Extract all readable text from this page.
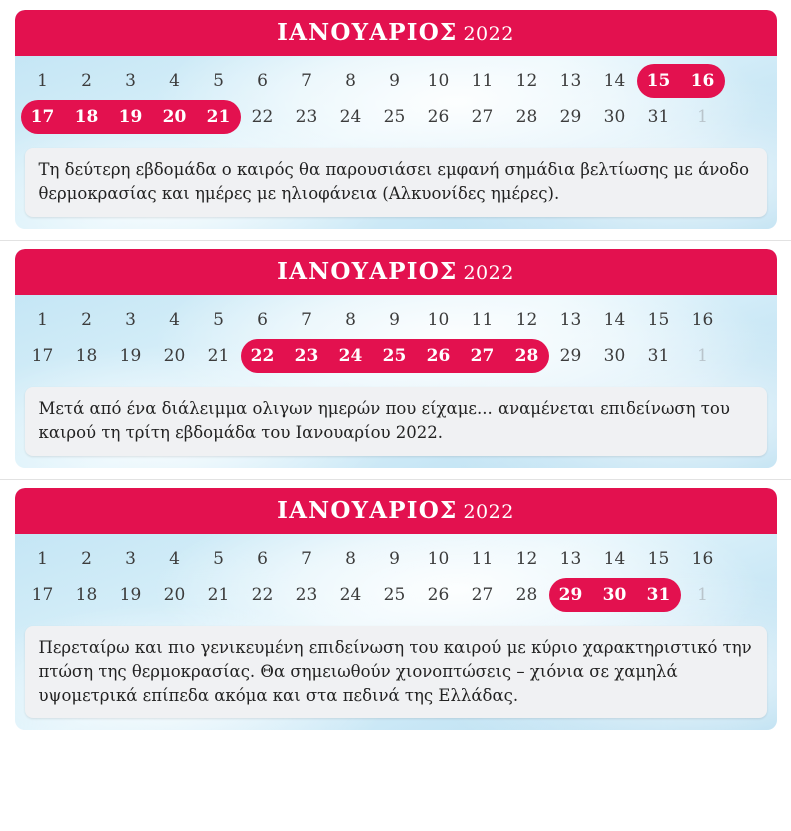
ΙΑΝΟΥΑΡΙΟΣ 2022
1	2	3	4	5	6	7	8	9	10	11	12	13	14	15	16
17	18	19	20	21	22	23	24	25	26	27	28	29	30	31	1
Τη δεύτερη εβδομάδα ο καιρός θα παρουσιάσει εμφανή σημάδια βελτίωσης με άνοδο θερμοκρασίας και ημέρες με ηλιοφάνεια (Αλκυονίδες ημέρες).
ΙΑΝΟΥΑΡΙΟΣ 2022
1	2	3	4	5	6	7	8	9	10	11	12	13	14	15	16
17	18	19	20	21	22	23	24	25	26	27	28	29	30	31	1
Μετά από ένα διάλειμμα ολιγων ημερών που είχαμε... αναμένεται επιδείνωση του καιρού τη τρίτη εβδομάδα του Ιανουαρίου 2022.
ΙΑΝΟΥΑΡΙΟΣ 2022
1	2	3	4	5	6	7	8	9	10	11	12	13	14	15	16
17	18	19	20	21	22	23	24	25	26	27	28	29	30	31	1
Περεταίρω και πιο γενικευμένη επιδείνωση του καιρού με κύριο χαρακτηριστικό την πτώση της θερμοκρασίας. Θα σημειωθούν χιονοπτώσεις – χιόνια σε χαμηλά υψομετρικά επίπεδα ακόμα και στα πεδινά της Ελλάδας.
